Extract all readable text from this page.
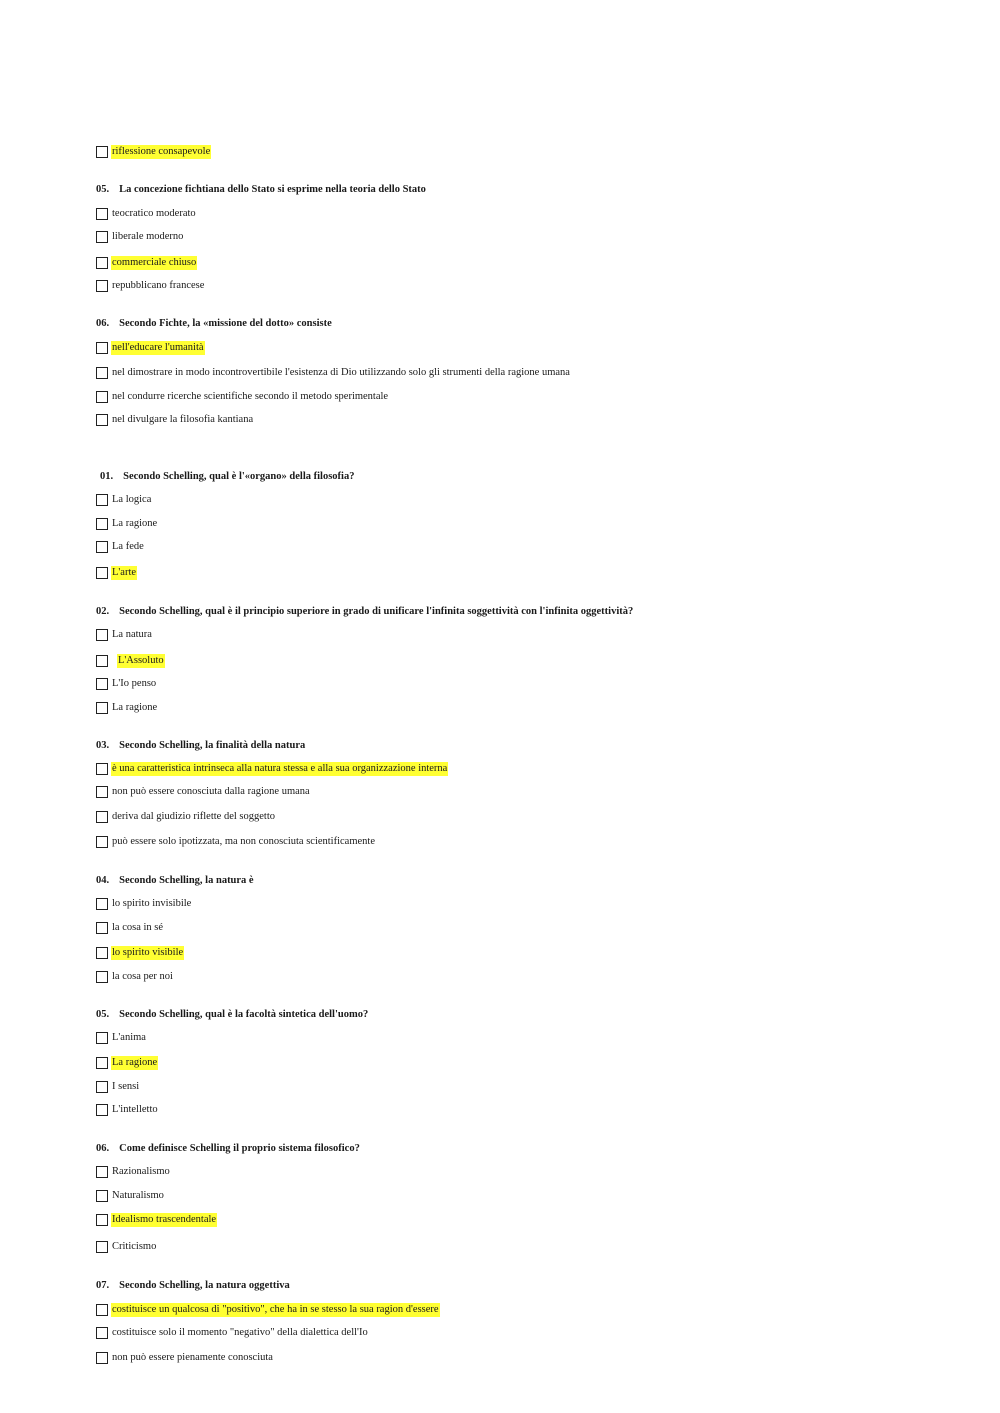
riflessione consapevole
05. La concezione fichtiana dello Stato si esprime nella teoria dello Stato
teocratico moderato
liberale moderno
commerciale chiuso
repubblicano francese
06. Secondo Fichte, la «missione del dotto» consiste
nell'educare l'umanità
nel dimostrare in modo incontrovertibile l'esistenza di Dio utilizzando solo gli strumenti della ragione umana
nel condurre ricerche scientifiche secondo il metodo sperimentale
nel divulgare la filosofia kantiana
01. Secondo Schelling, qual è l'«organo» della filosofia?
La logica
La ragione
La fede
L'arte
02. Secondo Schelling, qual è il principio superiore in grado di unificare l'infinita soggettività con l'infinita oggettività?
La natura
L'Assoluto
L'Io penso
La ragione
03. Secondo Schelling, la finalità della natura
è una caratteristica intrinseca alla natura stessa e alla sua organizzazione interna
non può essere conosciuta dalla ragione umana
deriva dal giudizio riflette del soggetto
può essere solo ipotizzata, ma non conosciuta scientificamente
04. Secondo Schelling, la natura è
lo spirito invisibile
la cosa in sé
lo spirito visibile
la cosa per noi
05. Secondo Schelling, qual è la facoltà sintetica dell'uomo?
L'anima
La ragione
I sensi
L'intelletto
06. Come definisce Schelling il proprio sistema filosofico?
Razionalismo
Naturalismo
Idealismo trascendentale
Criticismo
07. Secondo Schelling, la natura oggettiva
costituisce un qualcosa di "positivo", che ha in se stesso la sua ragion d'essere
costituisce solo il momento "negativo" della dialettica dell'Io
non può essere pienamente conosciuta
